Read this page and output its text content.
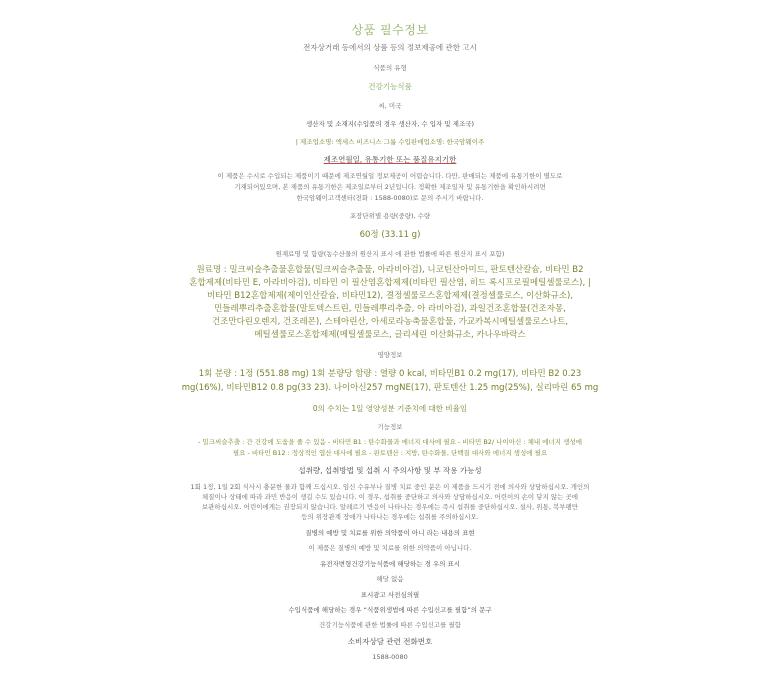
상품 필수정보
전자상거래 등에서의 상품 등의 정보제공에 관한 고시
식품의 유형
건강기능식품
씨, 미국
생산자 및 소재지(수입품의 경우 생산자, 수 입자 및 제조국)
| 제조업소명: 액세스 비즈니스 그룹 수입판매업소명: 한국암웨이주
제조연월일, 유통기한 또는 품질유지기한
이 제품은 수시로 수입되는 제품이기 때문에 제조연월일 정보제공이 어렵습니다. 다만, 판매되는 제품에 유통기한이 별도로
기재되어있으며, 본 제품의 유통기한은 제조일로부터 2년입니다. 정확한 제조일자 및 유통기한을 확인하시려면
한국암웨이고객센터(전화 : 1588-0080)로 문의 주시기 바랍니다.
포장단위별 용량(중량), 수량
60정 (33.11 g)
원재료명 및 함량(농수산물의 원산지 표시 에 관한 법률에 따른 원산지 표시 포함)
원료명 : 밀크씨슬추출물혼합물(밀크씨슬추출물, 아라비아검), 니코틴산아미드, 판토텐산칼슘, 비타민 B2
혼합제제(비타민 E, 아라비아검), 비타민 이 필산염혼합제제(비타민 필산염, 히드 록시프로필메틸셀룰로스), |
비타민 B12혼합제제(제이인산칼슘, 비타민12), 결정셀룰로스혼합제제(결정셀룰로스, 이산화규소),
민들레뿌리추출혼합물(말토덱스트린, 민들레뿌리추출, 아 라비아검), 과일건조혼합물(건조자몽,
건조만다린오렌지, 건조레몬), 스테아린산, 아세로라농축물혼합물, 가교카복시메틸셀룰로스나트,
메틸셀룰로스혼합제제(메틸셀룰로스, 글리세린 이산화규소, 카나우바락스
영양정보
1회 분량 : 1정 (551.88 mg) 1회 분량당 함량 : 열량 0 kcal, 비타민B1 0.2 mg(17), 비타민 B2 0.23
mg(16%), 비타민B12 0.8 pg(33 23). 나이아신257 mgNE(17), 판토텐산 1.25 mg(25%), 실리마린 65 mg
0의 수치는 1일 영양성분 기준치에 대한 비율임
기능정보
- 밀크씨슬추출 : 간 건강에 도움을 줄 수 있음 - 비타민 B1 : 탄수화물과 에너지 대사에 필요 - 비타민 B2/ 나이아신 : 체내 에너지 생성에
필요 - 비타민 B12 : 정상적인 엽산 대사에 필요 - 판토텐산 : 지방, 탄수화물, 단백질 대사와 에너지 생성에 필요
섭취량, 섭취방법 및 섭취 시 주의사항 및 부 작용 가능성
1회 1정, 1일 2회 식사시 충분한 물과 함께 드십시오. 임신 수유부나 질병 치료 중인 분은 이 제품을 드시기 전에 의사와 상담하십시오. 개인의
체질이나 상태에 따라 과민 반응이 생길 수도 있습니다. 이 경우, 섭취를 중단하고 의사와 상담하십시오. 어린이의 손이 닿지 않는 곳에
보관하십시오. 어린이에게는 권장되지 않습니다. 알레르기 반응이 나타나는 경우에는 즉시 섭취를 중단하십시오. 설사, 위통, 복부팽만
등의 위장관계 장애가 나타나는 경우에는 섭취를 주의하십시오.
질병의 예방 및 치료를 위한 의약품이 아니 라는 내용의 표현
이 제품은 질병의 예방 및 치료를 위한 의약품이 아닙니다.
유전자변형건강기능식품에 해당하는 경 우의 표시
해당 없음
표시광고 사전심의필
수입식품에 해당하는 경우 “식품위생법에 따른 수입신고를 필함”의 문구
건강기능식품에 관한 법률에 따른 수입신고를 필함
소비자상담 관련 전화번호
1588-0080
